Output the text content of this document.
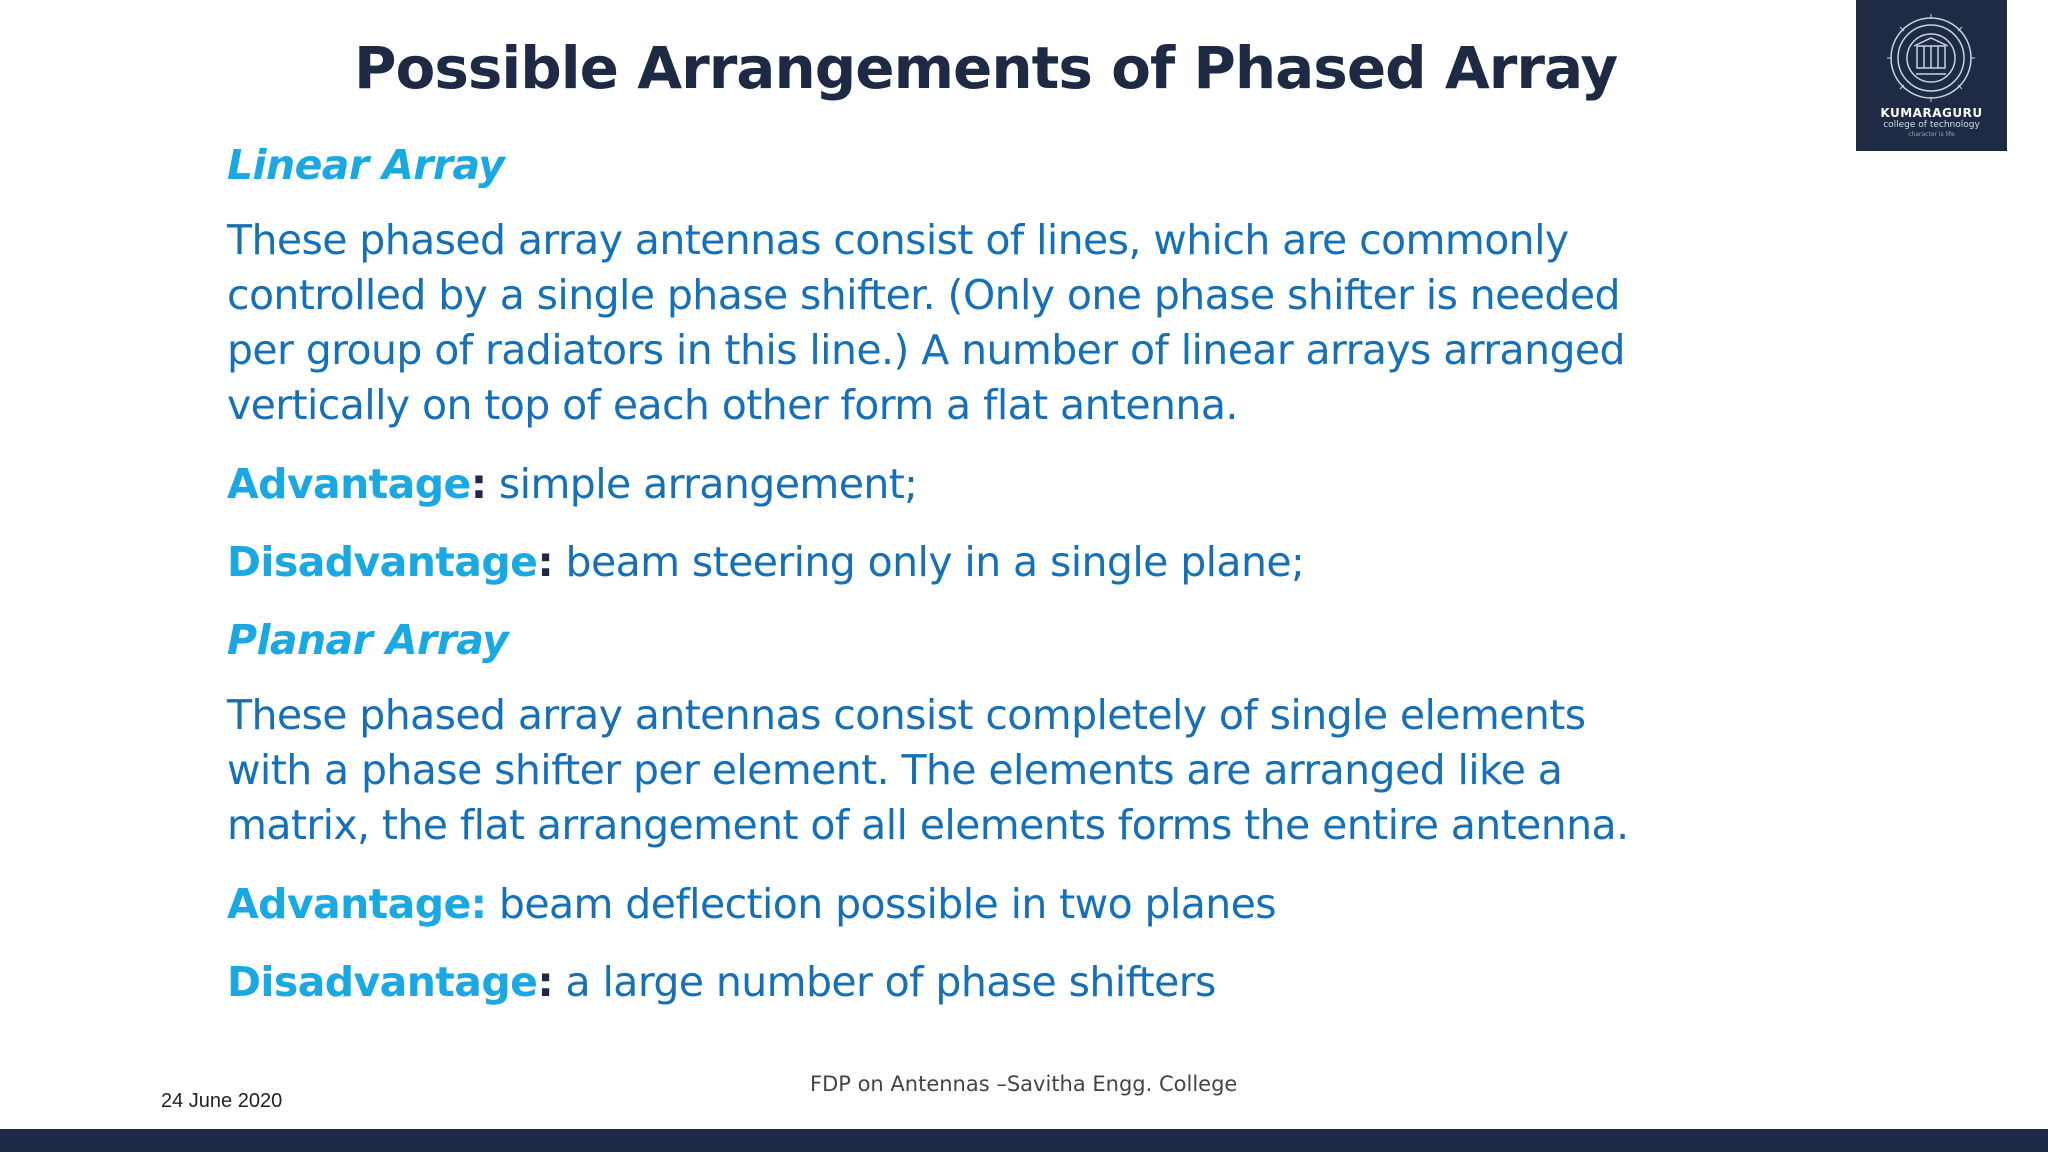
Possible Arrangements of Phased Array
KUMARAGURU
college of technology
character is life
Linear Array
These phased array antennas consist of lines, which are commonly
controlled by a single phase shifter. (Only one phase shifter is needed
per group of radiators in this line.) A number of linear arrays arranged
vertically on top of each other form a flat antenna.
Advantage: simple arrangement;
Disadvantage: beam steering only in a single plane;
Planar Array
These phased array antennas consist completely of single elements
with a phase shifter per element. The elements are arranged like a
matrix, the flat arrangement of all elements forms the entire antenna.
Advantage: beam deflection possible in two planes
Disadvantage: a large number of phase shifters
FDP on Antennas –Savitha Engg. College
24 June 2020
